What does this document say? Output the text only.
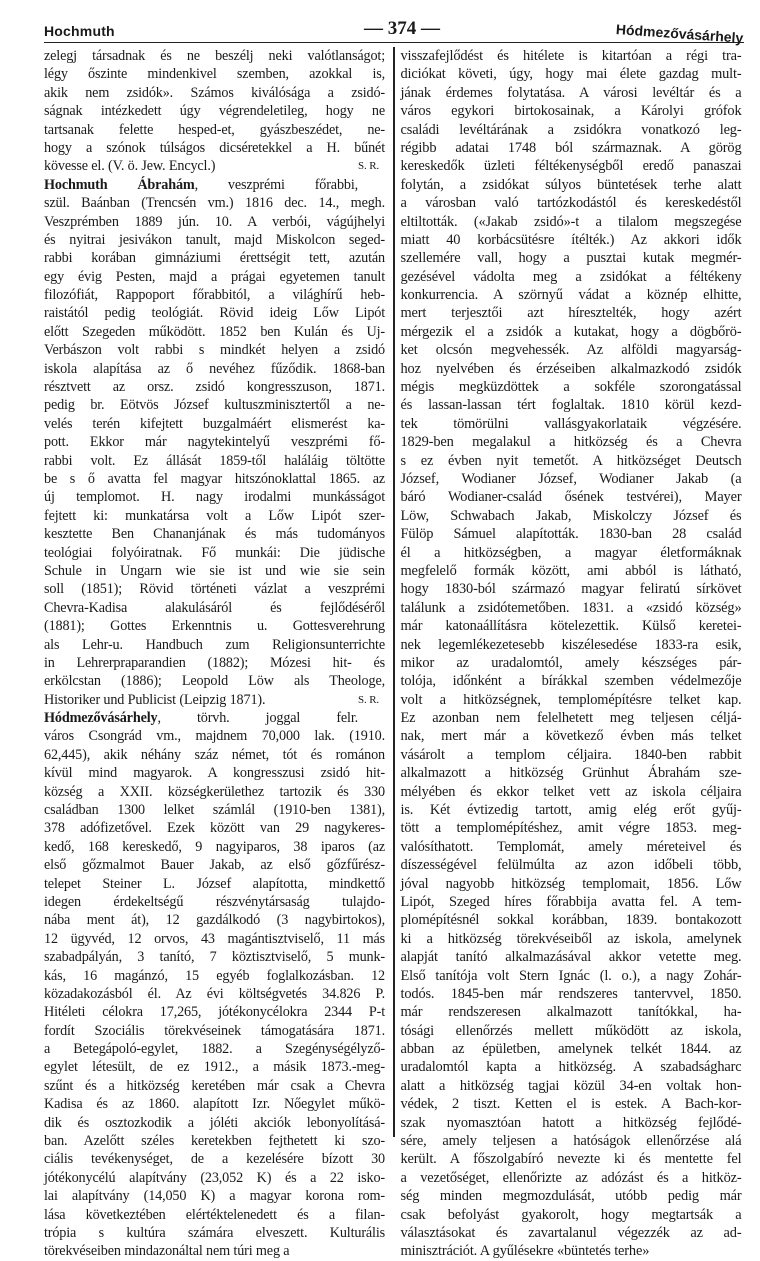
Hochmuth	— 374 —	Hódmezővásárhely
zelegj társadnak és ne beszélj neki valótlanságot;
légy őszinte mindenkivel szemben, azokkal is,
akik nem zsidók». Számos kiválósága a zsidó-
ságnak intézkedett úgy végrendeletileg, hogy ne
tartsanak felette hesped-et, gyászbeszédet, ne-
hogy a szónok túlságos dicséretekkel a H. bűnét
kövesse el. (V. ö. Jew. Encycl.)	S. R.
Hochmuth Ábrahám, veszprémi főrabbi,
szül. Baánban (Trencsén vm.) 1816 dec. 14., megh.
Veszprémben 1889 jún. 10. A verbói, vágújhelyi
és nyitrai jesivákon tanult, majd Miskolcon seged-
rabbi korában gimnáziumi érettségit tett, azután
egy évig Pesten, majd a prágai egyetemen tanult
filozófiát, Rappoport főrabbitól, a világhírű heb-
raistától pedig teológiát. Rövid ideig Lőw Lipót
előtt Szegeden működött. 1852 ben Kulán és Uj-
Verbászon volt rabbi s mindkét helyen a zsidó
iskola alapítása az ő nevéhez fűződik. 1868-ban
résztvett az orsz. zsidó kongresszuson, 1871.
pedig br. Eötvös József kultuszminisztertől a ne-
velés terén kifejtett buzgalmáért elismerést ka-
pott. Ekkor már nagytekintelyű veszprémi fő-
rabbi volt. Ez állását 1859-től haláláig töltötte
be s ő avatta fel magyar hitszónoklattal 1865. az
új templomot. H. nagy irodalmi munkásságot
fejtett ki: munkatársa volt a Lőw Lipót szer-
kesztette Ben Chananjának és más tudományos
teológiai folyóiratnak. Fő munkái: Die jüdische
Schule in Ungarn wie sie ist und wie sie sein
soll (1851); Rövid történeti vázlat a veszprémi
Chevra-Kadisa alakulásáról és fejlődéséről
(1881); Gottes Erkenntnis u. Gottesverehrung
als Lehr-u. Handbuch zum Religionsunterrichte
in Lehrerpraparandien (1882); Mózesi hit- és
erkölcstan (1886); Leopold Löw als Theologe,
Historiker und Publicist (Leipzig 1871).	S. R.
Hódmezővásárhely, törvh. joggal felr.
város Csongrád vm., majdnem 70,000 lak. (1910.
62,445), akik néhány száz német, tót és románon
kívül mind magyarok. A kongresszusi zsidó hit-
község a XXII. községkerülethez tartozik és 330
családban 1300 lelket számlál (1910-ben 1381),
378 adófizetővel. Ezek között van 29 nagykeres-
kedő, 168 kereskedő, 9 nagyiparos, 38 iparos (az
első gőzmalmot Bauer Jakab, az első gőzfűrész-
telepet Steiner L. József alapította, mindkettő
idegen érdekeltségű részvénytársaság tulajdo-
nába ment át), 12 gazdálkodó (3 nagybirtokos),
12 ügyvéd, 12 orvos, 43 magántisztviselő, 11 más
szabadpályán, 3 tanító, 7 köztisztviselő, 5 munk-
kás, 16 magánzó, 15 egyéb foglalkozásban. 12
közadakozásból él. Az évi költségvetés 34.826 P.
Hitéleti célokra 17,265, jótékonycélokra 2344 P-t
fordít Szociális törekvéseinek támogatására 1871.
a Betegápoló-egylet, 1882. a Szegénységélyző-
egylet létesült, de ez 1912., a másik 1873.-meg-
szűnt és a hitközség keretében már csak a Chevra
Kadisa és az 1860. alapított Izr. Nőegylet műkö-
dik és osztozkodik a jóléti akciók lebonyolításá-
ban. Azelőtt széles keretekben fejthetett ki szo-
ciális tevékenységet, de a kezelésére bízott 30
jótékonycélú alapítvány (23,052 K) és a 22 isko-
lai alapítvány (14,050 K) a magyar korona rom-
lása következtében elértéktelenedett és a filan-
trópia s kultúra számára elveszett. Kulturális
törekvéseiben mindazonáltal nem túri meg a
visszafejlődést és hitélete is kitartóan a régi tra-
diciókat követi, úgy, hogy mai élete gazdag mult-
jának érdemes folytatása. A városi levéltár és a
város egykori birtokosainak, a Károlyi grófok
családi levéltárának a zsidókra vonatkozó leg-
régibb adatai 1748 ból származnak. A görög
kereskedők üzleti féltékenységből eredő panaszai
folytán, a zsidókat súlyos büntetések terhe alatt
a városban való tartózkodástól és kereskedéstől
eltiltották. («Jakab zsidó»-t a tilalom megszegése
miatt 40 korbácsütésre ítélték.) Az akkori idők
szellemére vall, hogy a pusztai kutak megmér-
gezésével vádolta meg a zsidókat a féltékeny
konkurrencia. A szörnyű vádat a köznép elhitte,
mert terjesztői azt híresztelték, hogy azért
mérgezik el a zsidók a kutakat, hogy a dögbőrö-
ket olcsón megvehessék. Az alföldi magyarság-
hoz nyelvében és érzéseiben alkalmazkodó zsidók
mégis megküzdöttek a sokféle szorongatással
és lassan-lassan tért foglaltak. 1810 körül kezd-
tek tömörülni vallásgyakorlataik végzésére.
1829-ben megalakul a hitközség és a Chevra
s ez évben nyit temetőt. A hitközséget Deutsch
József, Wodianer József, Wodianer Jakab (a
báró Wodianer-család ősének testvérei), Mayer
Löw, Schwabach Jakab, Miskolczy József és
Fülöp Sámuel alapították. 1830-ban 28 család
él a hitközségben, a magyar életformáknak
megfelelő formák között, ami abból is látható,
hogy 1830-ból származó magyar feliratú sírkövet
találunk a zsidótemetőben. 1831. a «zsidó község»
már katonaállításra kötelezettik. Külső keretei-
nek legemlékezetesebb kiszélesedése 1833-ra esik,
mikor az uradalomtól, amely készséges pár-
tolója, időnként a bírákkal szemben védelmezője
volt a hitközségnek, templomépítésre telket kap.
Ez azonban nem felelhetett meg teljesen céljá-
nak, mert már a következő évben más telket
vásárolt a templom céljaira. 1840-ben rabbit
alkalmazott a hitközség Grünhut Ábrahám sze-
mélyében és ekkor telket vett az iskola céljaira
is. Két évtizedig tartott, amig elég erőt gyűj-
tött a templomépítéshez, amit végre 1853. meg-
valósíthatott. Templomát, amely méreteivel és
díszességével felülmúlta az azon időbeli több,
jóval nagyobb hitközség templomait, 1856. Lőw
Lipót, Szeged híres főrabbija avatta fel. A tem-
plomépítésnél sokkal korábban, 1839. bontakozott
ki a hitközség törekvéseiből az iskola, amelynek
alapját tanító alkalmazásával akkor vetette meg.
Első tanítója volt Stern Ignác (l. o.), a nagy Zohár-
todós. 1845-ben már rendszeres tantervvel, 1850.
már rendszeresen alkalmazott tanítókkal, ha-
tósági ellenőrzés mellett működött az iskola,
abban az épületben, amelynek telkét 1844. az
uradalomtól kapta a hitközség. A szabadságharc
alatt a hitközség tagjai közül 34-en voltak hon-
védek, 2 tiszt. Ketten el is estek. A Bach-kor-
szak nyomasztóan hatott a hitközség fejlődé-
sére, amely teljesen a hatóságok ellenőrzése alá
került. A főszolgabíró nevezte ki és mentette fel
a vezetőséget, ellenőrizte az adózást és a hitköz-
ség minden megmozdulását, utóbb pedig már
csak befolyást gyakorolt, hogy megtartsák a
választásokat és zavartalanul végezzék az ad-
minisztrációt. A gyűlésekre «büntetés terhe»
